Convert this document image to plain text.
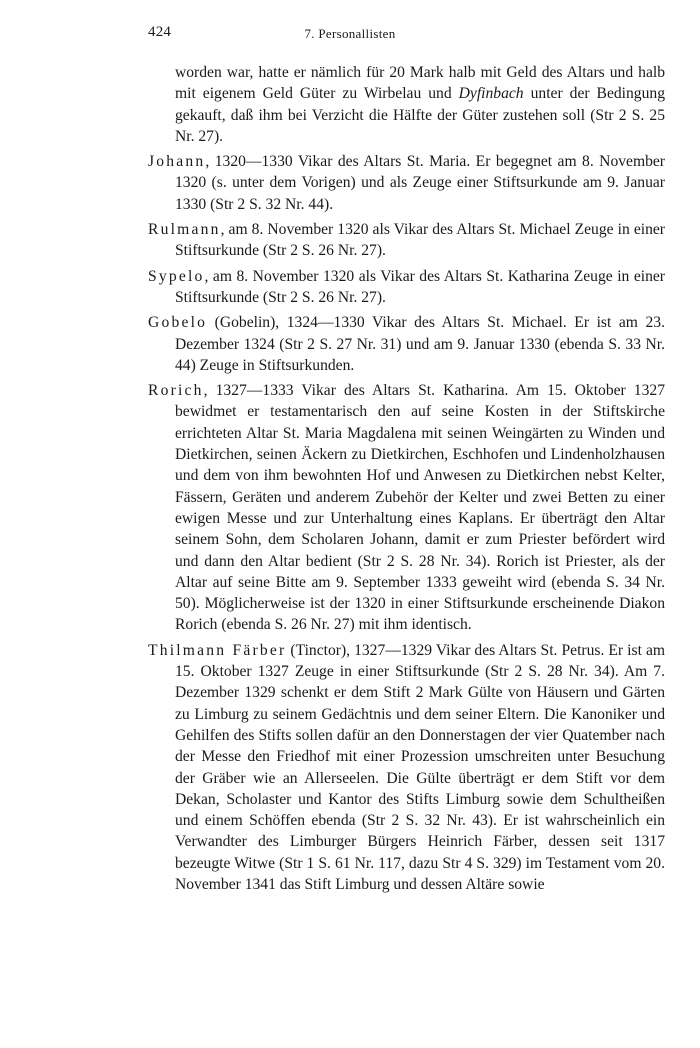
424	7. Personallisten

worden war, hatte er nämlich für 20 Mark halb mit Geld des Altars und halb mit eigenem Geld Güter zu Wirbelau und Dyfinbach unter der Bedingung gekauft, daß ihm bei Verzicht die Hälfte der Güter zustehen soll (Str 2 S. 25 Nr. 27).

Johann, 1320—1330 Vikar des Altars St. Maria. Er begegnet am 8. November 1320 (s. unter dem Vorigen) und als Zeuge einer Stiftsurkunde am 9. Januar 1330 (Str 2 S. 32 Nr. 44).

Rulmann, am 8. November 1320 als Vikar des Altars St. Michael Zeuge in einer Stiftsurkunde (Str 2 S. 26 Nr. 27).

Sypelo, am 8. November 1320 als Vikar des Altars St. Katharina Zeuge in einer Stiftsurkunde (Str 2 S. 26 Nr. 27).

Gobelo (Gobelin), 1324—1330 Vikar des Altars St. Michael. Er ist am 23. Dezember 1324 (Str 2 S. 27 Nr. 31) und am 9. Januar 1330 (ebenda S. 33 Nr. 44) Zeuge in Stiftsurkunden.

Rorich, 1327—1333 Vikar des Altars St. Katharina. Am 15. Oktober 1327 bewidmet er testamentarisch den auf seine Kosten in der Stiftskirche errichteten Altar St. Maria Magdalena mit seinen Weingärten zu Winden und Dietkirchen, seinen Äckern zu Dietkirchen, Eschhofen und Lindenholzhausen und dem von ihm bewohnten Hof und Anwesen zu Dietkirchen nebst Kelter, Fässern, Geräten und anderem Zubehör der Kelter und zwei Betten zu einer ewigen Messe und zur Unterhaltung eines Kaplans. Er überträgt den Altar seinem Sohn, dem Scholaren Johann, damit er zum Priester befördert wird und dann den Altar bedient (Str 2 S. 28 Nr. 34). Rorich ist Priester, als der Altar auf seine Bitte am 9. September 1333 geweiht wird (ebenda S. 34 Nr. 50). Möglicherweise ist der 1320 in einer Stiftsurkunde erscheinende Diakon Rorich (ebenda S. 26 Nr. 27) mit ihm identisch.

Thilmann Färber (Tinctor), 1327—1329 Vikar des Altars St. Petrus. Er ist am 15. Oktober 1327 Zeuge in einer Stiftsurkunde (Str 2 S. 28 Nr. 34). Am 7. Dezember 1329 schenkt er dem Stift 2 Mark Gülte von Häusern und Gärten zu Limburg zu seinem Gedächtnis und dem seiner Eltern. Die Kanoniker und Gehilfen des Stifts sollen dafür an den Donnerstagen der vier Quatember nach der Messe den Friedhof mit einer Prozession umschreiten unter Besuchung der Gräber wie an Allerseelen. Die Gülte überträgt er dem Stift vor dem Dekan, Scholaster und Kantor des Stifts Limburg sowie dem Schultheißen und einem Schöffen ebenda (Str 2 S. 32 Nr. 43). Er ist wahrscheinlich ein Verwandter des Limburger Bürgers Heinrich Färber, dessen seit 1317 bezeugte Witwe (Str 1 S. 61 Nr. 117, dazu Str 4 S. 329) im Testament vom 20. November 1341 das Stift Limburg und dessen Altäre sowie
